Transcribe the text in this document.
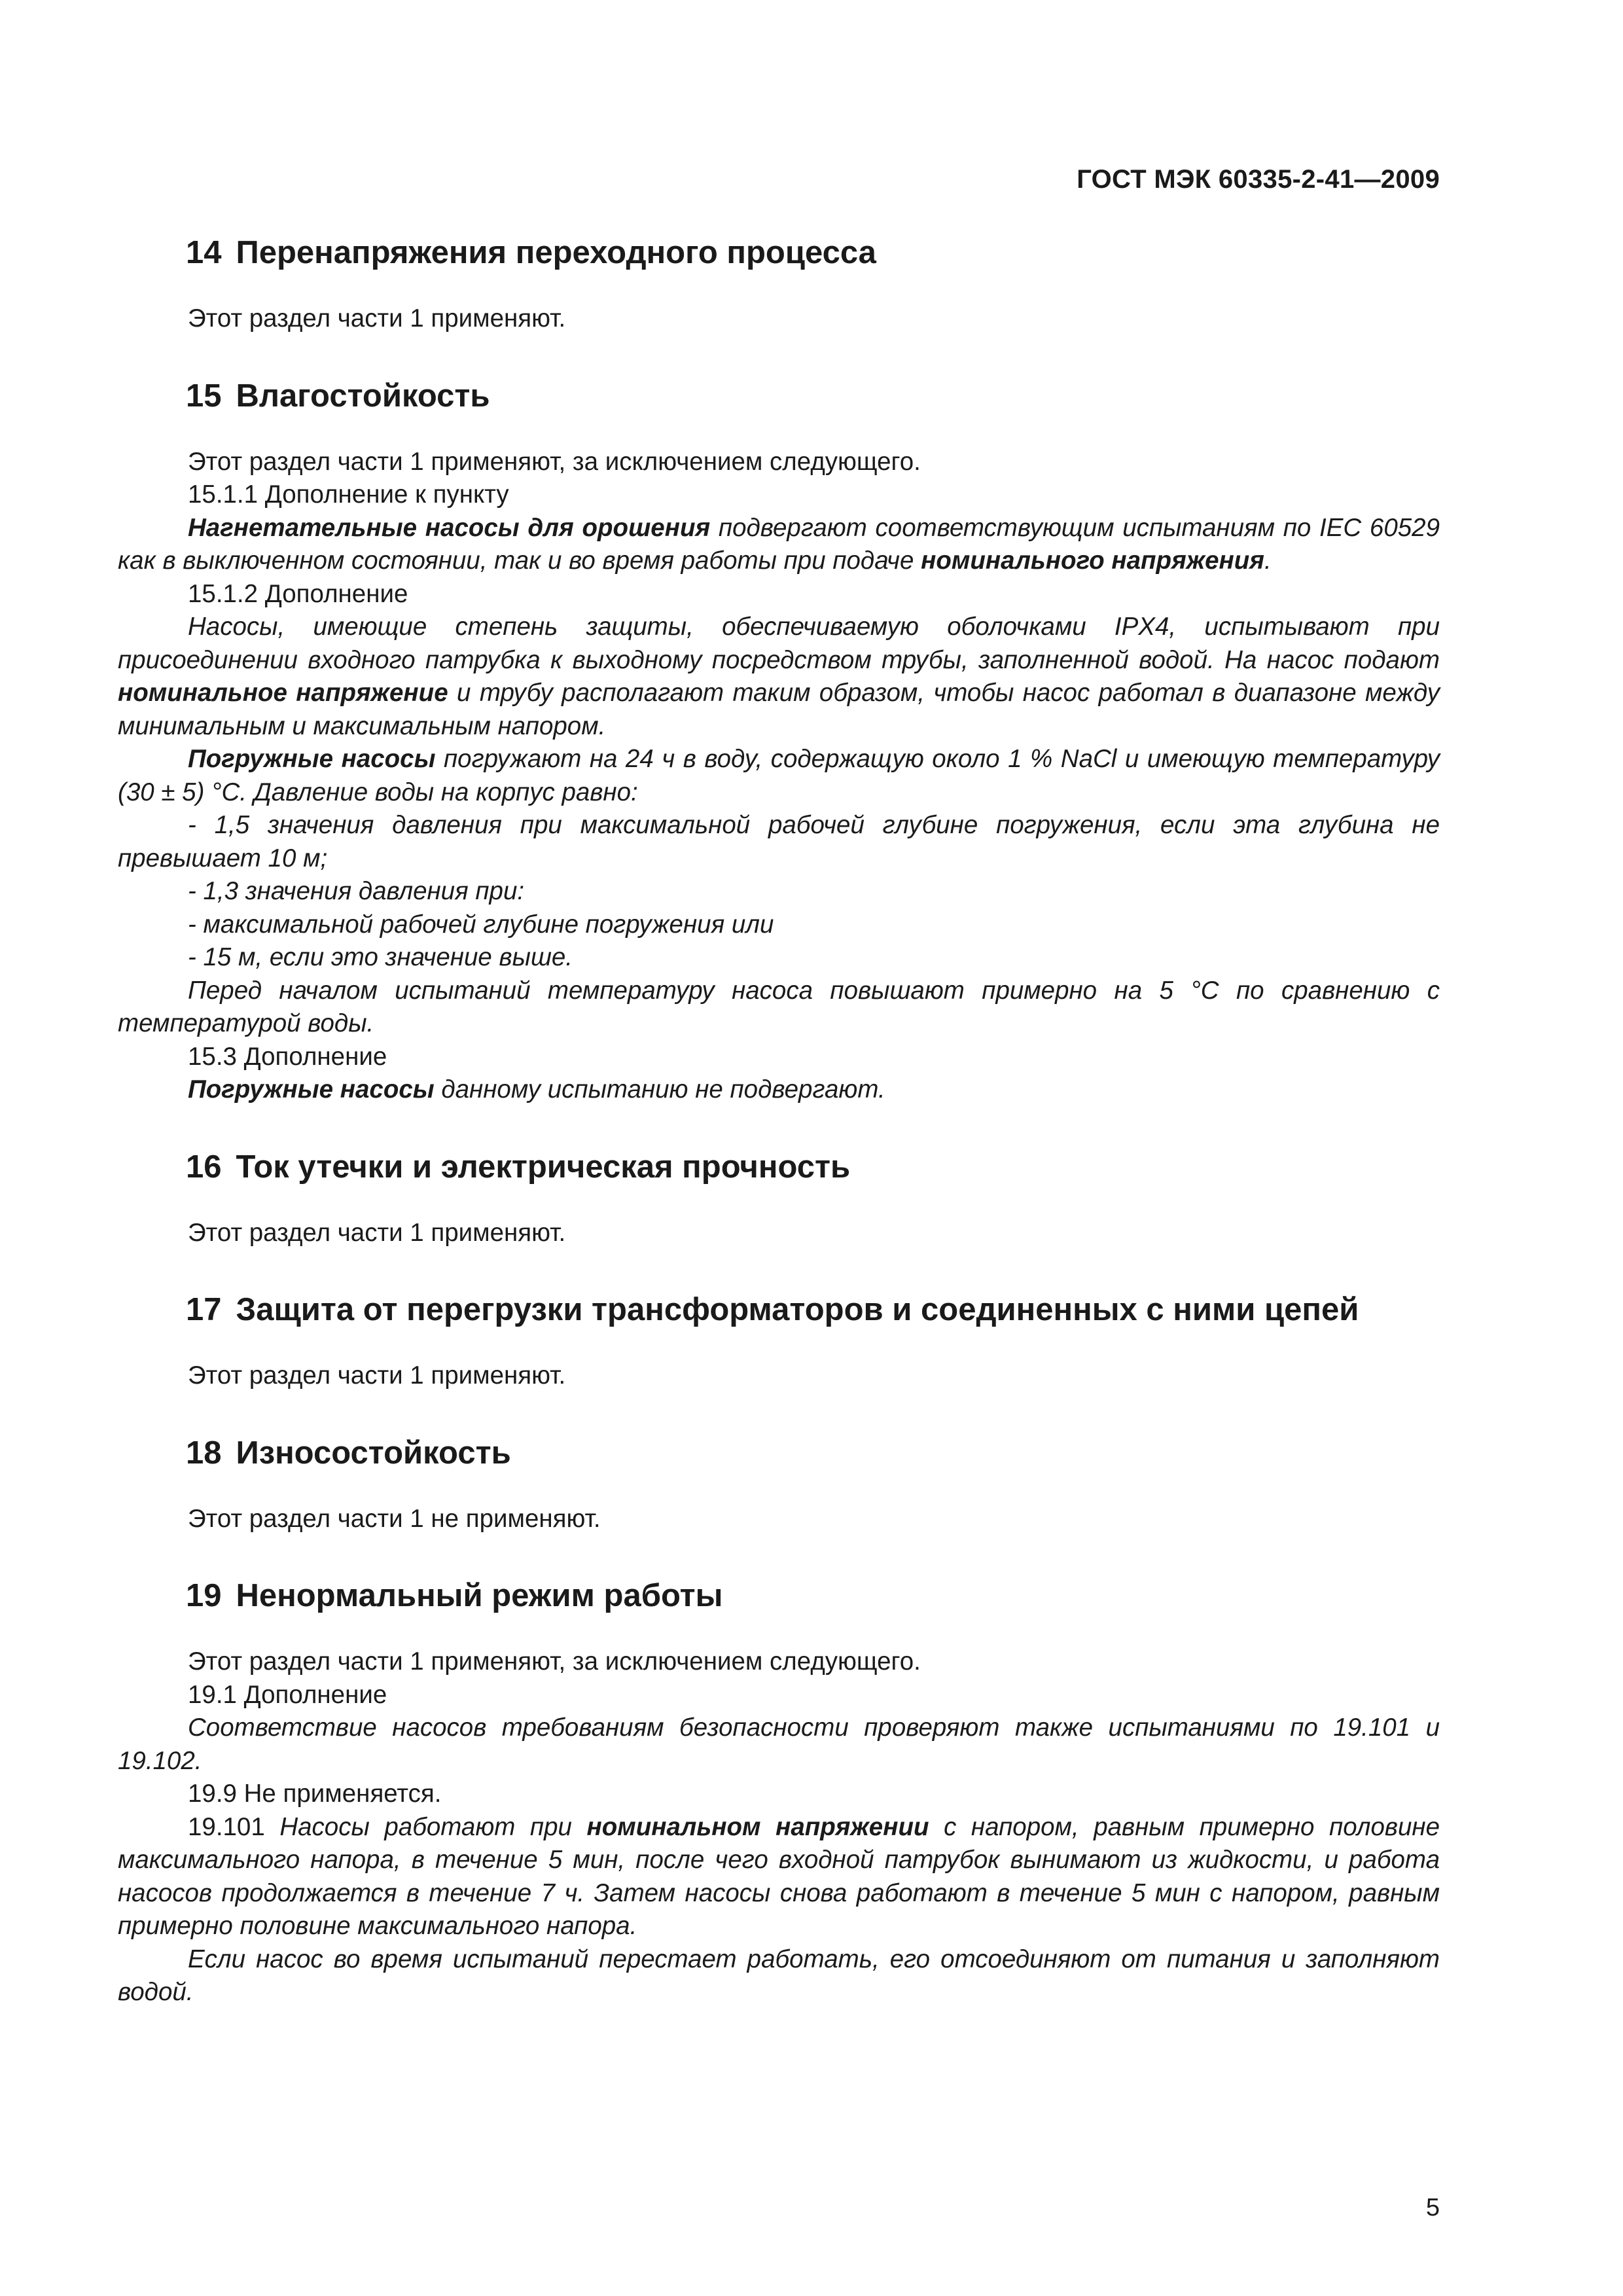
ГОСТ МЭК 60335-2-41—2009
14 Перенапряжения переходного процесса

Этот раздел части 1 применяют.

15 Влагостойкость

Этот раздел части 1 применяют, за исключением следующего.

15.1.1 Дополнение к пункту

Нагнетательные насосы для орошения подвергают соответствующим испытаниям по IEC 60529 как в выключенном состоянии, так и во время работы при подаче номинального напряжения.

15.1.2 Дополнение

Насосы, имеющие степень защиты, обеспечиваемую оболочками IPX4, испытывают при присоединении входного патрубка к выходному посредством трубы, заполненной водой. На насос подают номинальное напряжение и трубу располагают таким образом, чтобы насос работал в диапазоне между минимальным и максимальным напором.

Погружные насосы погружают на 24 ч в воду, содержащую около 1 % NaCl и имеющую температуру (30 ± 5) °С. Давление воды на корпус равно:

- 1,5 значения давления при максимальной рабочей глубине погружения, если эта глубина не превышает 10 м;

- 1,3 значения давления при:

- максимальной рабочей глубине погружения или

- 15 м, если это значение выше.

Перед началом испытаний температуру насоса повышают примерно на 5 °С по сравнению с температурой воды.

15.3 Дополнение

Погружные насосы данному испытанию не подвергают.

16 Ток утечки и электрическая прочность

Этот раздел части 1 применяют.

17 Защита от перегрузки трансформаторов и соединенных с ними цепей

Этот раздел части 1 применяют.

18 Износостойкость

Этот раздел части 1 не применяют.

19 Ненормальный режим работы

Этот раздел части 1 применяют, за исключением следующего.

19.1 Дополнение

Соответствие насосов требованиям безопасности проверяют также испытаниями по 19.101 и 19.102.

19.9 Не применяется.

19.101 Насосы работают при номинальном напряжении с напором, равным примерно половине максимального напора, в течение 5 мин, после чего входной патрубок вынимают из жидкости, и работа насосов продолжается в течение 7 ч. Затем насосы снова работают в течение 5 мин с напором, равным примерно половине максимального напора.

Если насос во время испытаний перестает работать, его отсоединяют от питания и заполняют водой.

5
